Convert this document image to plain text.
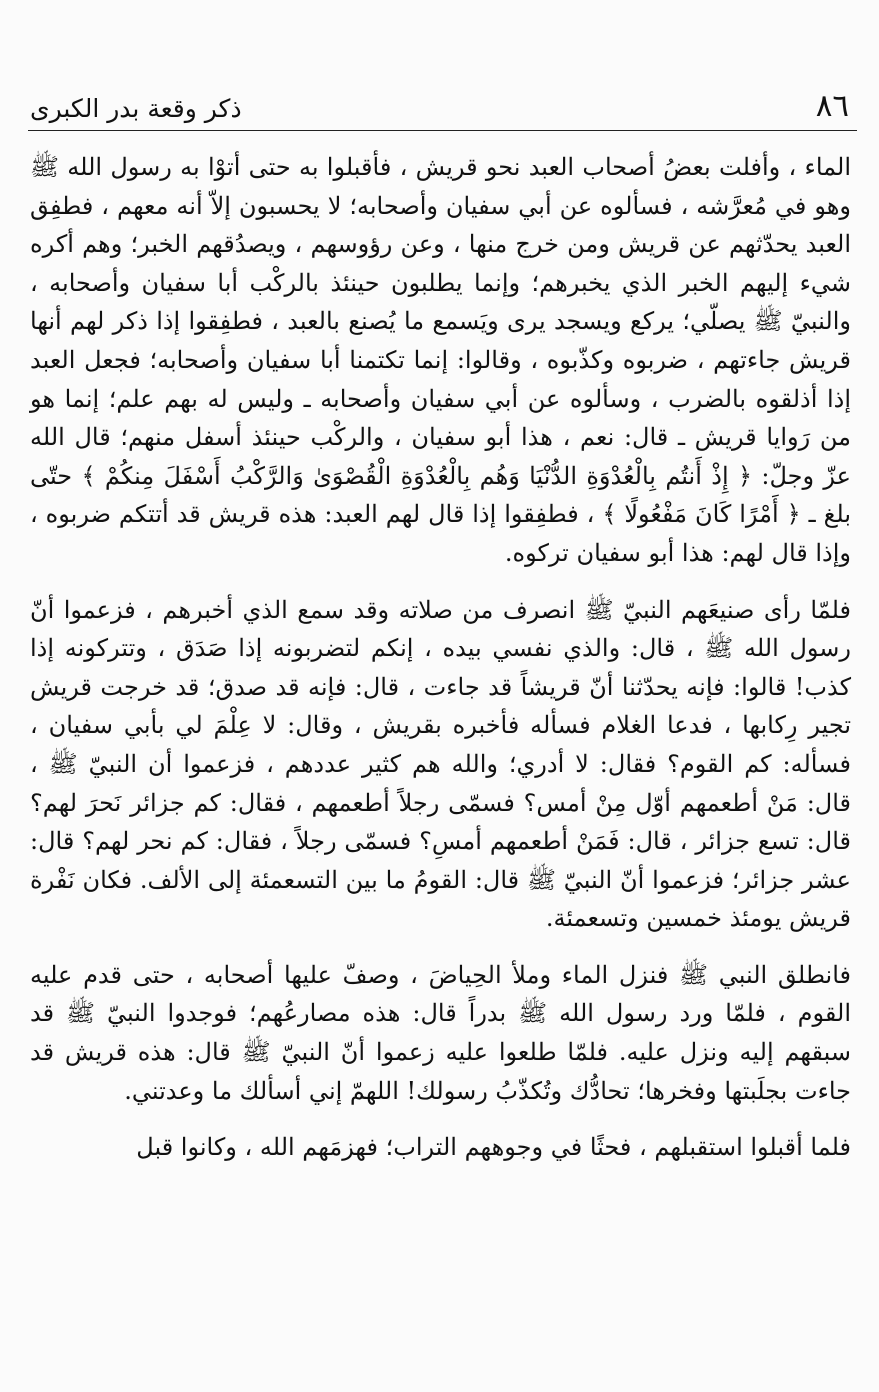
٨٦
ذكر وقعة بدر الكبرى

الماء ، وأفلت بعضُ أصحاب العبد نحو قريش ، فأقبلوا به حتى أتوْا به رسول الله ﷺ وهو في مُعرَّشه ، فسألوه عن أبي سفيان وأصحابه؛ لا يحسبون إلاّ أنه معهم ، فطفِق العبد يحدّثهم عن قريش ومن خرج منها ، وعن رؤوسهم ، ويصدُقهم الخبر؛ وهم أكره شيء إليهم الخبر الذي يخبرهم؛ وإنما يطلبون حينئذ بالركْب أبا سفيان وأصحابه ، والنبيّ ﷺ يصلّي؛ يركع ويسجد يرى ويَسمع ما يُصنع بالعبد ، فطفِقوا إذا ذكر لهم أنها قريش جاءتهم ، ضربوه وكذّبوه ، وقالوا: إنما تكتمنا أبا سفيان وأصحابه؛ فجعل العبد إذا أذلقوه بالضرب ، وسألوه عن أبي سفيان وأصحابه ـ وليس له بهم علم؛ إنما هو من رَوايا قريش ـ قال: نعم ، هذا أبو سفيان ، والركْب حينئذ أسفل منهم؛ قال الله عزّ وجلّ: ﴿ إِذْ أَنتُم بِالْعُدْوَةِ الدُّنْيَا وَهُم بِالْعُدْوَةِ الْقُصْوَىٰ وَالرَّكْبُ أَسْفَلَ مِنكُمْ ﴾ حتّى بلغ ـ ﴿ أَمْرًا كَانَ مَفْعُولًا ﴾ ، فطفِقوا إذا قال لهم العبد: هذه قريش قد أتتكم ضربوه ، وإذا قال لهم: هذا أبو سفيان تركوه.

فلمّا رأى صنيعَهم النبيّ ﷺ انصرف من صلاته وقد سمع الذي أخبرهم ، فزعموا أنّ رسول الله ﷺ ، قال: والذي نفسي بيده ، إنكم لتضربونه إذا صَدَق ، وتتركونه إذا كذب! قالوا: فإنه يحدّثنا أنّ قريشاً قد جاءت ، قال: فإنه قد صدق؛ قد خرجت قريش تجير رِكابها ، فدعا الغلام فسأله فأخبره بقريش ، وقال: لا عِلْمَ لي بأبي سفيان ، فسأله: كم القوم؟ فقال: لا أدري؛ والله هم كثير عددهم ، فزعموا أن النبيّ ﷺ ، قال: مَنْ أطعمهم أوّل مِنْ أمس؟ فسمّى رجلاً أطعمهم ، فقال: كم جزائر نَحرَ لهم؟ قال: تسع جزائر ، قال: فَمَنْ أطعمهم أمسِ؟ فسمّى رجلاً ، فقال: كم نحر لهم؟ قال: عشر جزائر؛ فزعموا أنّ النبيّ ﷺ قال: القومُ ما بين التسعمئة إلى الألف. فكان نَفْرة قريش يومئذ خمسين وتسعمئة.

فانطلق النبي ﷺ فنزل الماء وملأ الحِياضَ ، وصفّ عليها أصحابه ، حتى قدم عليه القوم ، فلمّا ورد رسول الله ﷺ بدراً قال: هذه مصارعُهم؛ فوجدوا النبيّ ﷺ قد سبقهم إليه ونزل عليه. فلمّا طلعوا عليه زعموا أنّ النبيّ ﷺ قال: هذه قريش قد جاءت بجلَبتها وفخرها؛ تحادُّك وتُكذّبُ رسولك! اللهمّ إني أسألك ما وعدتني.

فلما أقبلوا استقبلهم ، فحثًا في وجوههم التراب؛ فهزمَهم الله ، وكانوا قبل
